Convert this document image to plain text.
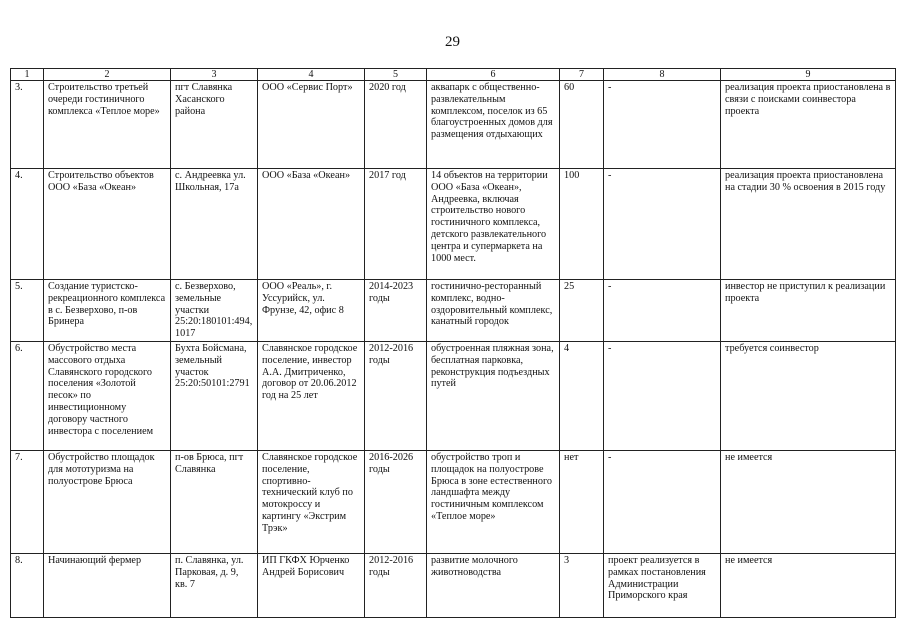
29
1	2	3	4	5	6	7	8	9
3.	Строительство третьей очереди гостиничного комплекса «Теплое море»	пгт Славянка Хасанского района	ООО «Сервис Порт»	2020 год	аквапарк с общественно-развлекательным комплексом, поселок из 65 благоустроенных домов для размещения отдыхающих	60	-	реализация проекта приостановлена в связи с поисками соинвестора проекта
4.	Строительство объектов ООО «База «Океан»	с. Андреевка ул. Школьная, 17а	ООО «База «Океан»	2017 год	14 объектов на территории ООО «База «Океан», Андреевка, включая строительство нового гостиничного комплекса, детского развлекательного центра и супермаркета на 1000 мест.	100	-	реализация проекта приостановлена на стадии 30 % освоения в 2015 году
5.	Создание туристско-рекреационного комплекса в с. Безверхово, п-ов Бринера	с. Безверхово, земельные участки 25:20:180101:494, 1017	ООО «Реаль», г. Уссурийск, ул. Фрунзе, 42, офис 8	2014-2023 годы	гостинично-ресторанный комплекс, водно-оздоровительный комплекс, канатный городок	25	-	инвестор не приступил к реализации проекта
6.	Обустройство места массового отдыха Славянского городского поселения «Золотой песок» по инвестиционному договору частного инвестора с поселением	Бухта Бойсмана, земельный участок 25:20:50101:2791	Славянское городское поселение, инвестор А.А. Дмитриченко, договор от 20.06.2012 год на 25 лет	2012-2016 годы	обустроенная пляжная зона, бесплатная парковка, реконструкция подъездных путей	4	-	требуется соинвестор
7.	Обустройство площадок для мототуризма на полуострове Брюса	п-ов Брюса, пгт Славянка	Славянское городское поселение, спортивно-технический клуб по мотокроссу и картингу «Экстрим Трэк»	2016-2026 годы	обустройство троп и площадок на полуострове Брюса в зоне естественного ландшафта между гостиничным комплексом «Теплое море»	нет	-	не имеется
8.	Начинающий фермер	п. Славянка, ул. Парковая, д. 9, кв. 7	ИП ГКФХ Юрченко Андрей Борисович	2012-2016 годы	развитие молочного животноводства	3	проект реализуется в рамках постановления Администрации Приморского края	не имеется
